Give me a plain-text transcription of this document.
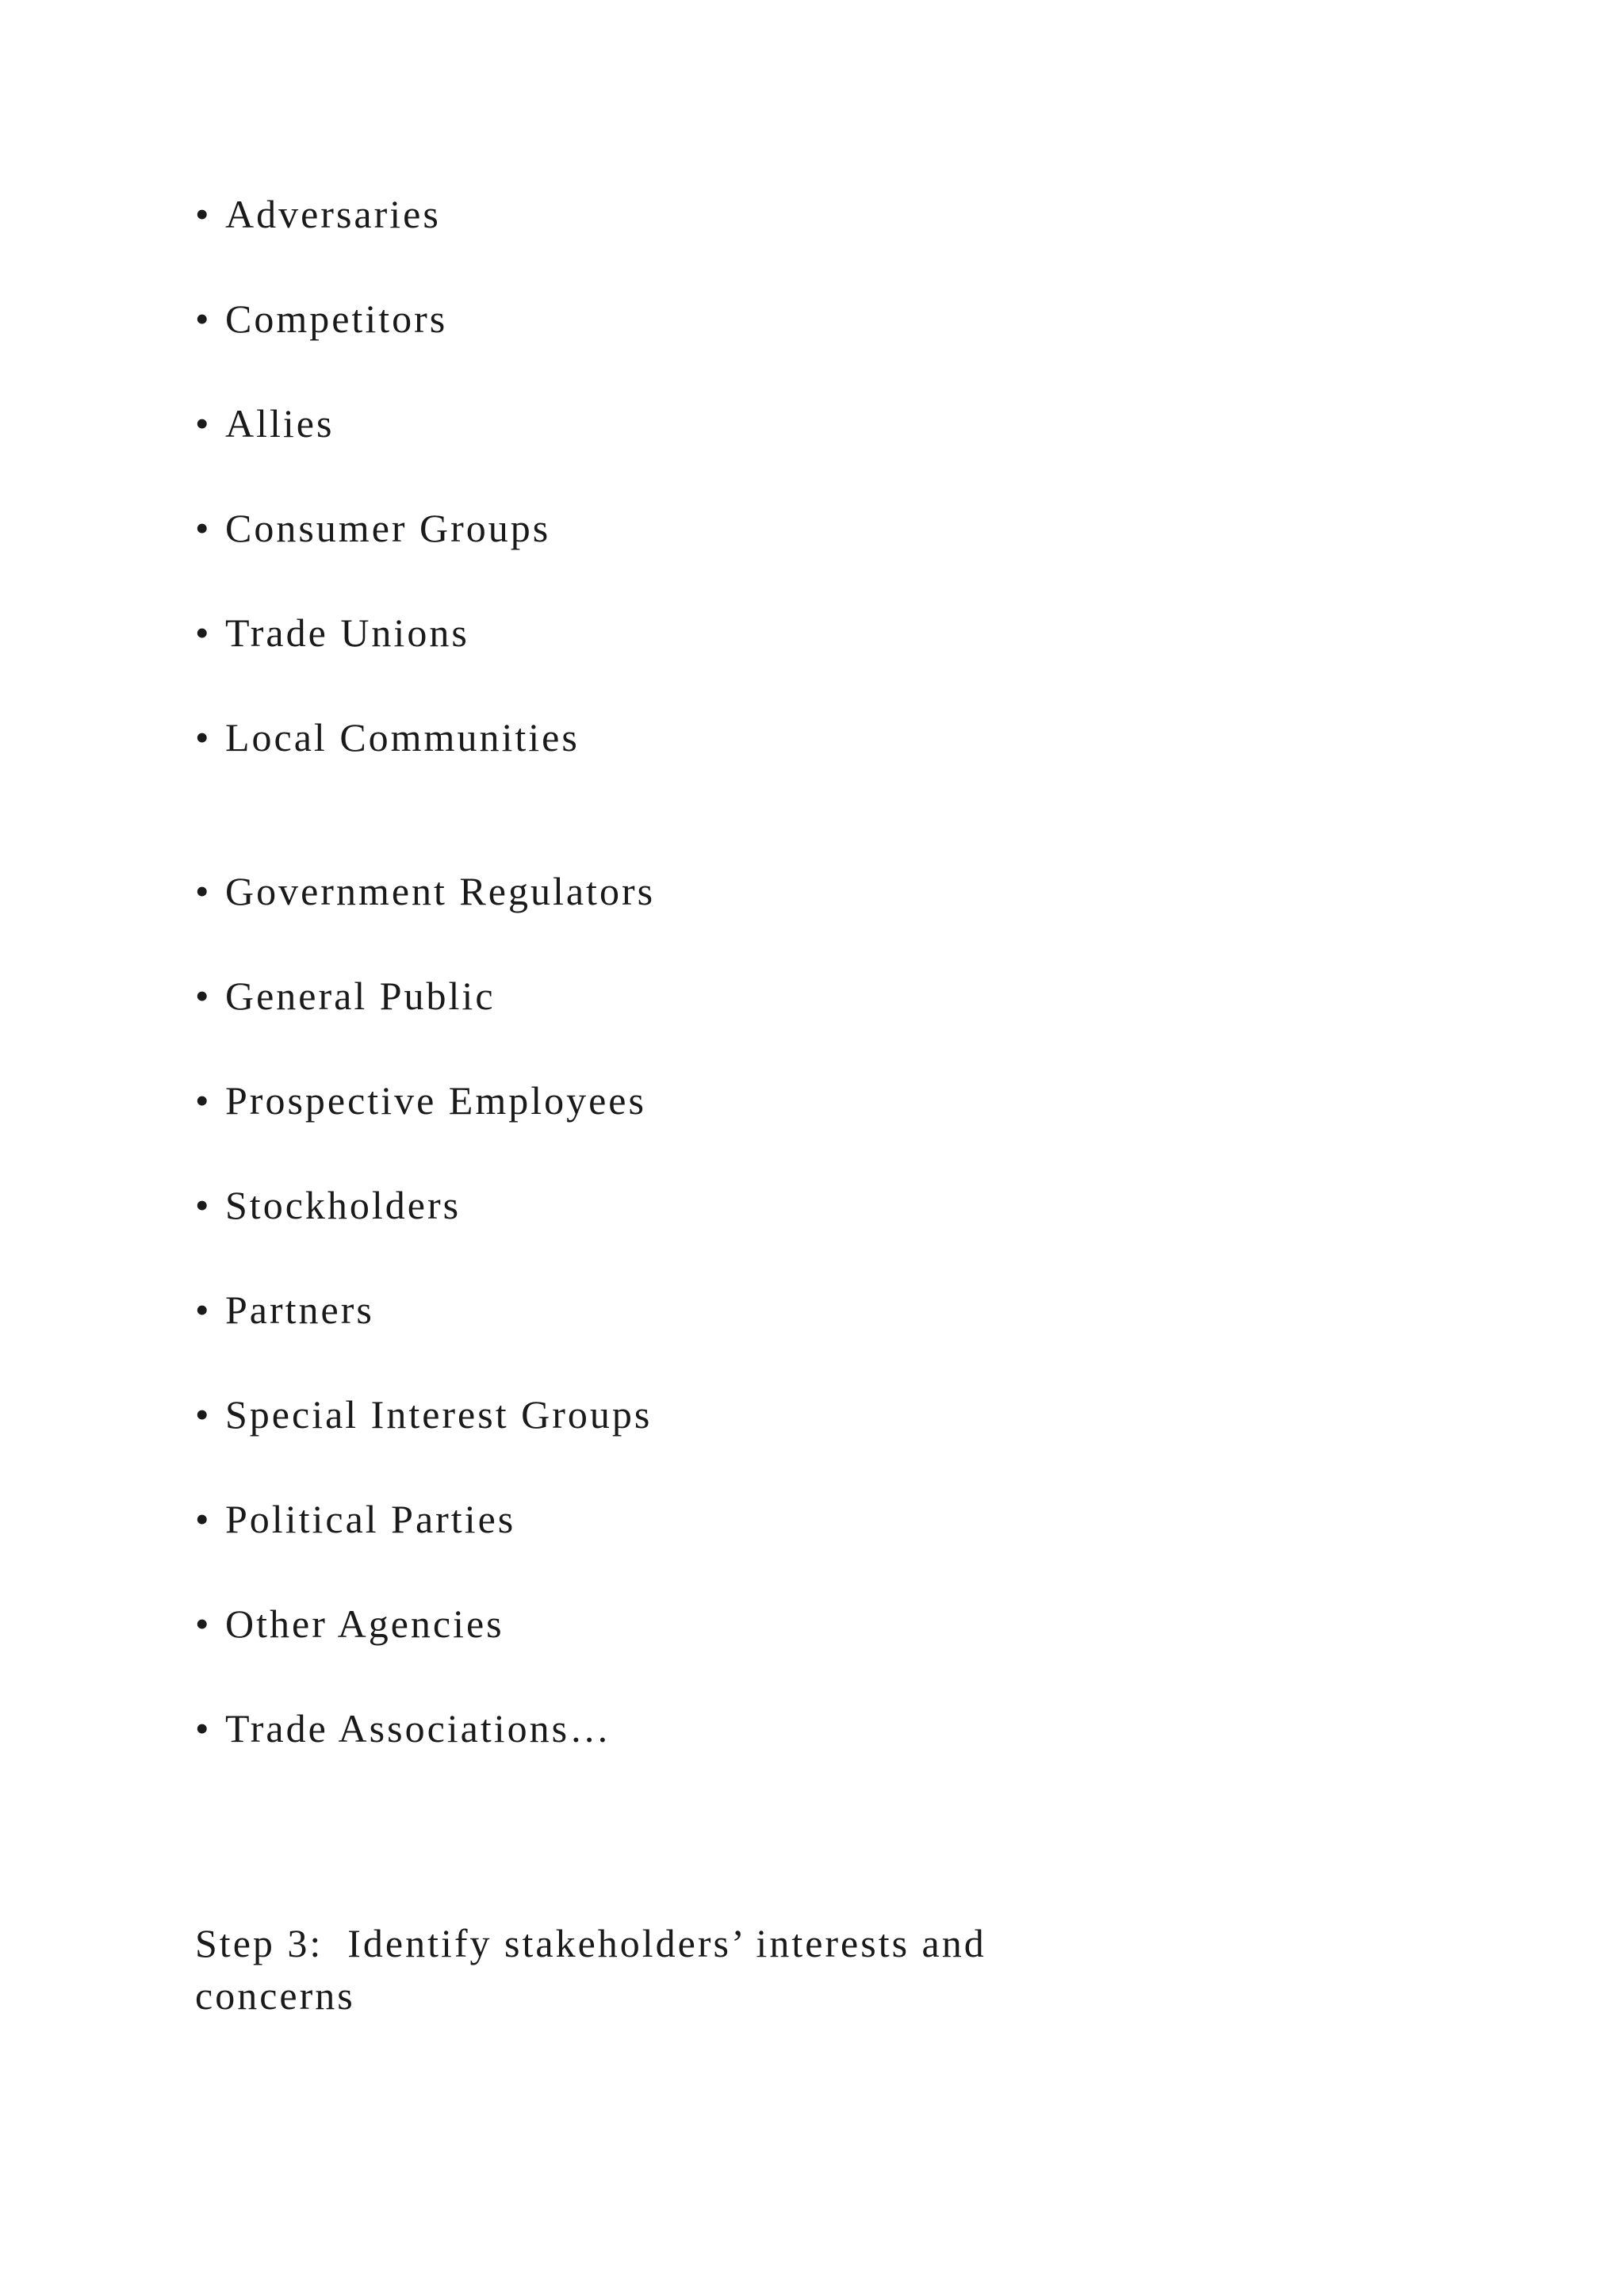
• Adversaries
• Competitors
• Allies
• Consumer Groups
• Trade Unions
• Local Communities
• Government Regulators
• General Public
• Prospective Employees
• Stockholders
• Partners
• Special Interest Groups
• Political Parties
• Other Agencies
• Trade Associations…
Step 3:  Identify stakeholders’ interests and
concerns
